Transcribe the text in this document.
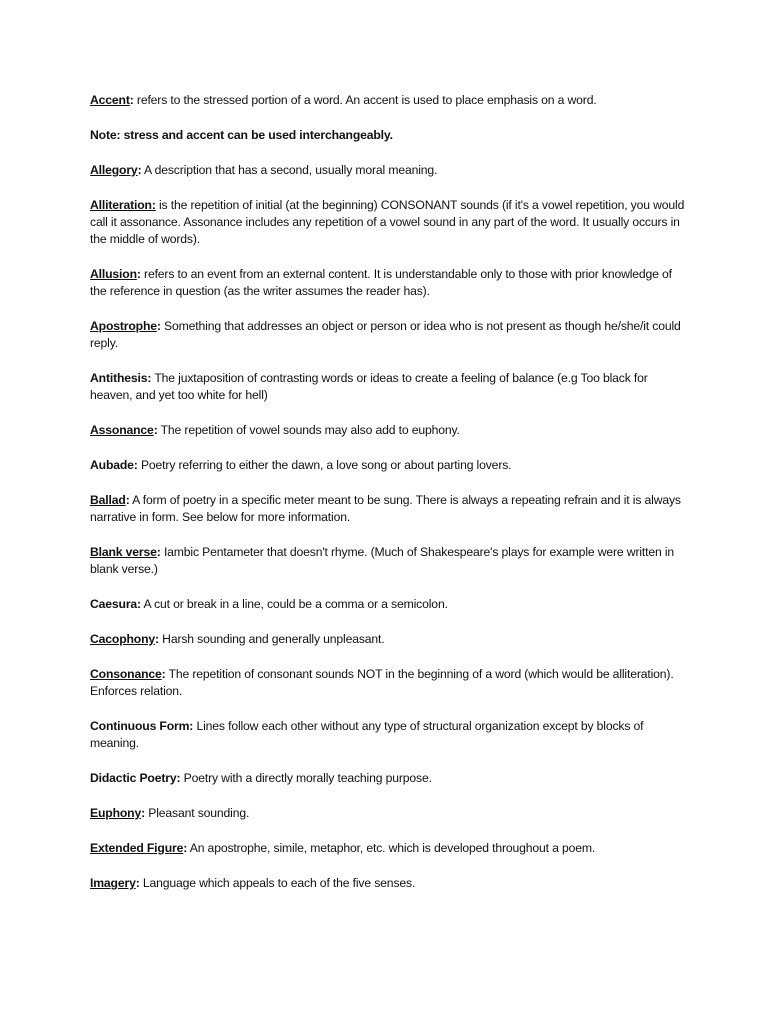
Accent: refers to the stressed portion of a word. An accent is used to place emphasis on a word.

Note: stress and accent can be used interchangeably.

Allegory: A description that has a second, usually moral meaning.

Alliteration: is the repetition of initial (at the beginning) CONSONANT sounds (if it's a vowel repetition, you would call it assonance. Assonance includes any repetition of a vowel sound in any part of the word. It usually occurs in the middle of words).

Allusion: refers to an event from an external content. It is understandable only to those with prior knowledge of the reference in question (as the writer assumes the reader has).

Apostrophe: Something that addresses an object or person or idea who is not present as though he/she/it could reply.

Antithesis: The juxtaposition of contrasting words or ideas to create a feeling of balance (e.g Too black for heaven, and yet too white for hell)

Assonance: The repetition of vowel sounds may also add to euphony.

Aubade: Poetry referring to either the dawn, a love song or about parting lovers.

Ballad: A form of poetry in a specific meter meant to be sung. There is always a repeating refrain and it is always narrative in form. See below for more information.

Blank verse: Iambic Pentameter that doesn't rhyme. (Much of Shakespeare's plays for example were written in blank verse.)

Caesura: A cut or break in a line, could be a comma or a semicolon.

Cacophony: Harsh sounding and generally unpleasant.

Consonance: The repetition of consonant sounds NOT in the beginning of a word (which would be alliteration). Enforces relation.

Continuous Form: Lines follow each other without any type of structural organization except by blocks of meaning.

Didactic Poetry: Poetry with a directly morally teaching purpose.

Euphony: Pleasant sounding.

Extended Figure: An apostrophe, simile, metaphor, etc. which is developed throughout a poem.

Imagery: Language which appeals to each of the five senses.
